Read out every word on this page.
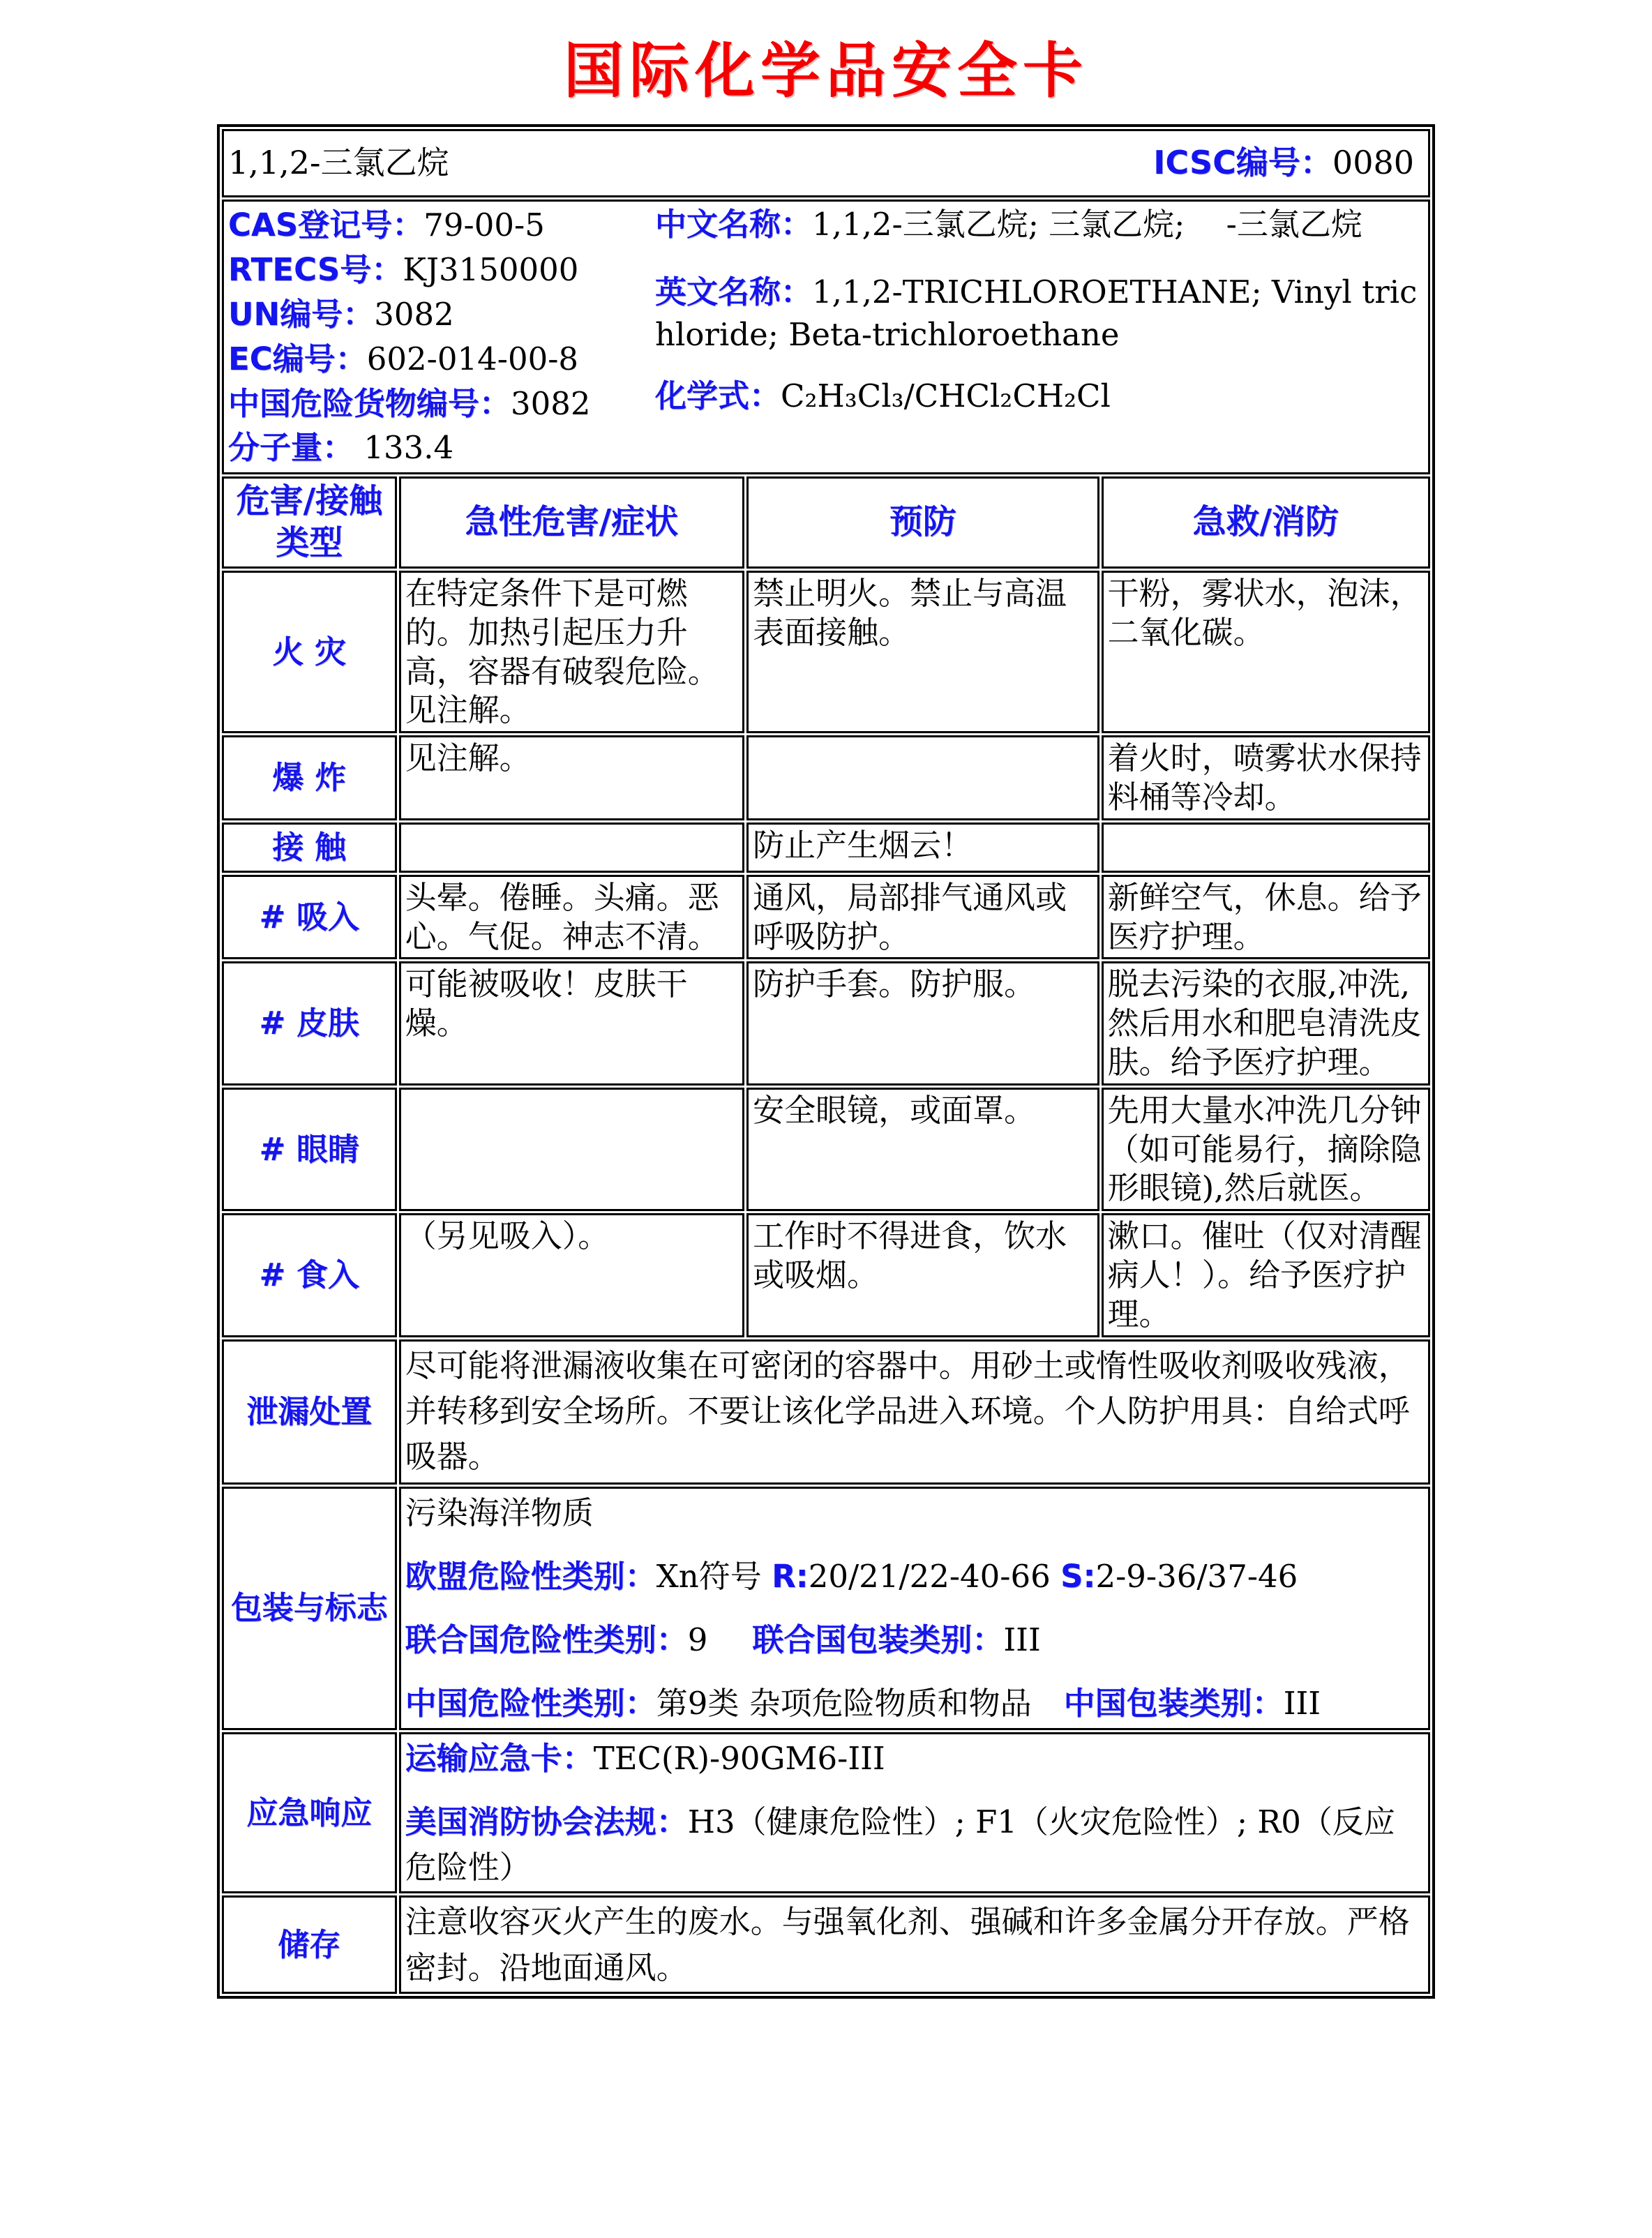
国际化学品安全卡
1,1,2-三氯乙烷 ICSC编号：0080			

CAS登记号：79-00-5

RTECS号：KJ3150000

UN编号：3082

EC编号：602-014-00-8

中国危险货物编号：3082

分子量： 133.4

中文名称：1,1,2-三氯乙烷; 三氯乙烷; 　-三氯乙烷

英文名称：1,1,2-TRICHLOROETHANE; Vinyl trichloride; Beta-trichloroethane

化学式：C₂H₃Cl₃/CHCl₂CH₂Cl

危害/接触
类型	急性危害/症状	预防	急救/消防
火 灾	在特定条件下是可燃的。加热引起压力升高，容器有破裂危险。见注解。	禁止明火。禁止与高温表面接触。	干粉，雾状水，泡沫，二氧化碳。
爆 炸	见注解。		着火时，喷雾状水保持料桶等冷却。
接 触		防止产生烟云！	
# 吸入	头晕。倦睡。头痛。恶心。气促。神志不清。	通风，局部排气通风或呼吸防护。	新鲜空气，休息。给予医疗护理。
# 皮肤	可能被吸收！皮肤干燥。	防护手套。防护服。	脱去污染的衣服,冲洗,然后用水和肥皂清洗皮肤。给予医疗护理。
# 眼睛		安全眼镜，或面罩。	先用大量水冲洗几分钟（如可能易行，摘除隐形眼镜),然后就医。
# 食入	（另见吸入）。	工作时不得进食，饮水或吸烟。	漱口。催吐（仅对清醒病人！）。给予医疗护理。
泄漏处置	尽可能将泄漏液收集在可密闭的容器中。用砂土或惰性吸收剂吸收残液，并转移到安全场所。不要让该化学品进入环境。个人防护用具：自给式呼吸器。		
包装与标志	污染海洋物质

欧盟危险性类别：Xn符号 R:20/21/22-40-66 S:2-9-36/37-46

联合国危险性类别：9 联合国包装类别：III

中国危险性类别：第9类 杂项危险物质和物品 中国包装类别：III		

应急响应	运输应急卡：TEC(R)-90GM6-III

美国消防协会法规：H3（健康危险性）; F1（火灾危险性）; R0（反应危险性）		

储存	注意收容灭火产生的废水。与强氧化剂、强碱和许多金属分开存放。严格密封。沿地面通风。		
